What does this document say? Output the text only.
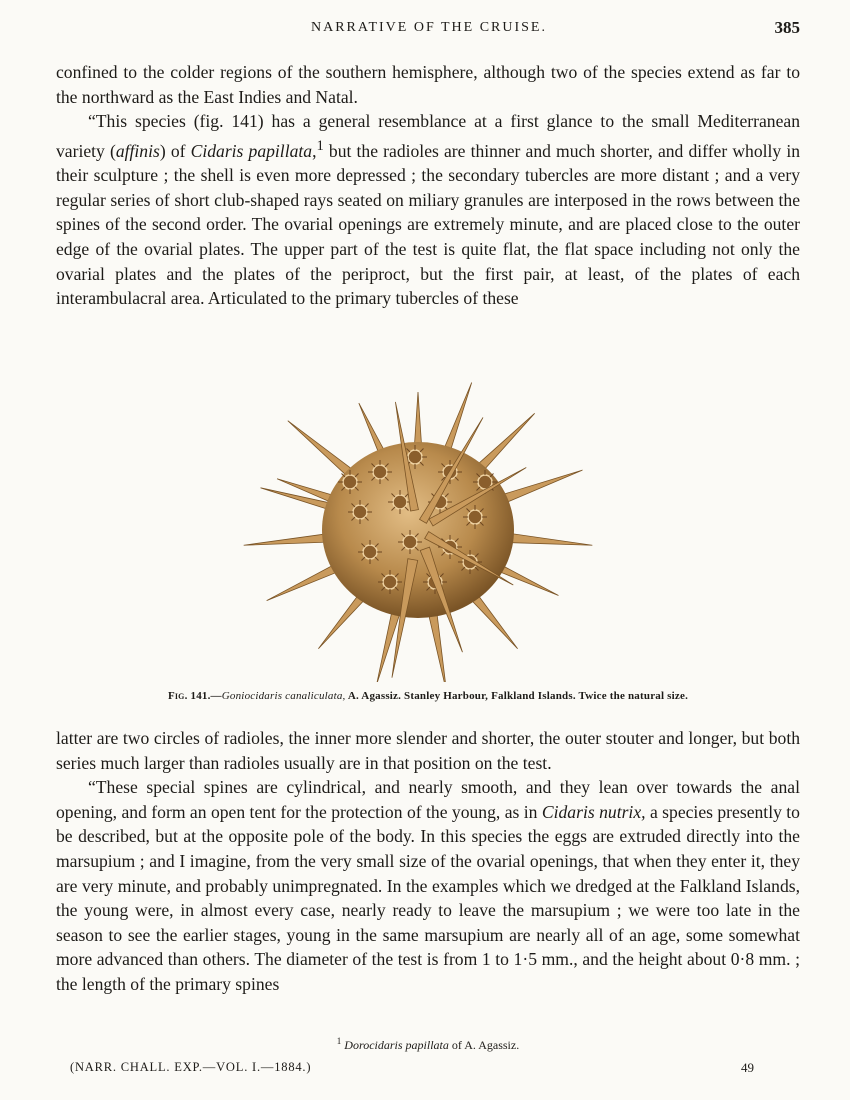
NARRATIVE OF THE CRUISE.	385

confined to the colder regions of the southern hemisphere, although two of the species extend as far to the northward as the East Indies and Natal.

“This species (fig. 141) has a general resemblance at a first glance to the small Mediterranean variety (affinis) of Cidaris papillata,$^1$ but the radioles are thinner and much shorter, and differ wholly in their sculpture ; the shell is even more depressed ; the secondary tubercles are more distant ; and a very regular series of short club-shaped rays seated on miliary granules are interposed in the rows between the spines of the second order. The ovarial openings are extremely minute, and are placed close to the outer edge of the ovarial plates. The upper part of the test is quite flat, the flat space including not only the ovarial plates and the plates of the periproct, but the first pair, at least, of the plates of each interambulacral area. Articulated to the primary tubercles of these

Fig. 141.—Goniocidaris canaliculata, A. Agassiz. Stanley Harbour, Falkland Islands. Twice the natural size.

latter are two circles of radioles, the inner more slender and shorter, the outer stouter and longer, but both series much larger than radioles usually are in that position on the test.

“These special spines are cylindrical, and nearly smooth, and they lean over towards the anal opening, and form an open tent for the protection of the young, as in Cidaris nutrix, a species presently to be described, but at the opposite pole of the body. In this species the eggs are extruded directly into the marsupium ; and I imagine, from the very small size of the ovarial openings, that when they enter it, they are very minute, and probably unimpregnated. In the examples which we dredged at the Falkland Islands, the young were, in almost every case, nearly ready to leave the marsupium ; we were too late in the season to see the earlier stages, young in the same marsupium are nearly all of an age, some somewhat more advanced than others. The diameter of the test is from 1 to 1·5 mm., and the height about 0·8 mm. ; the length of the primary spines

$^1$ Dorocidaris papillata of A. Agassiz.
(NARR. CHALL. EXP.—VOL. I.—1884.)	49
